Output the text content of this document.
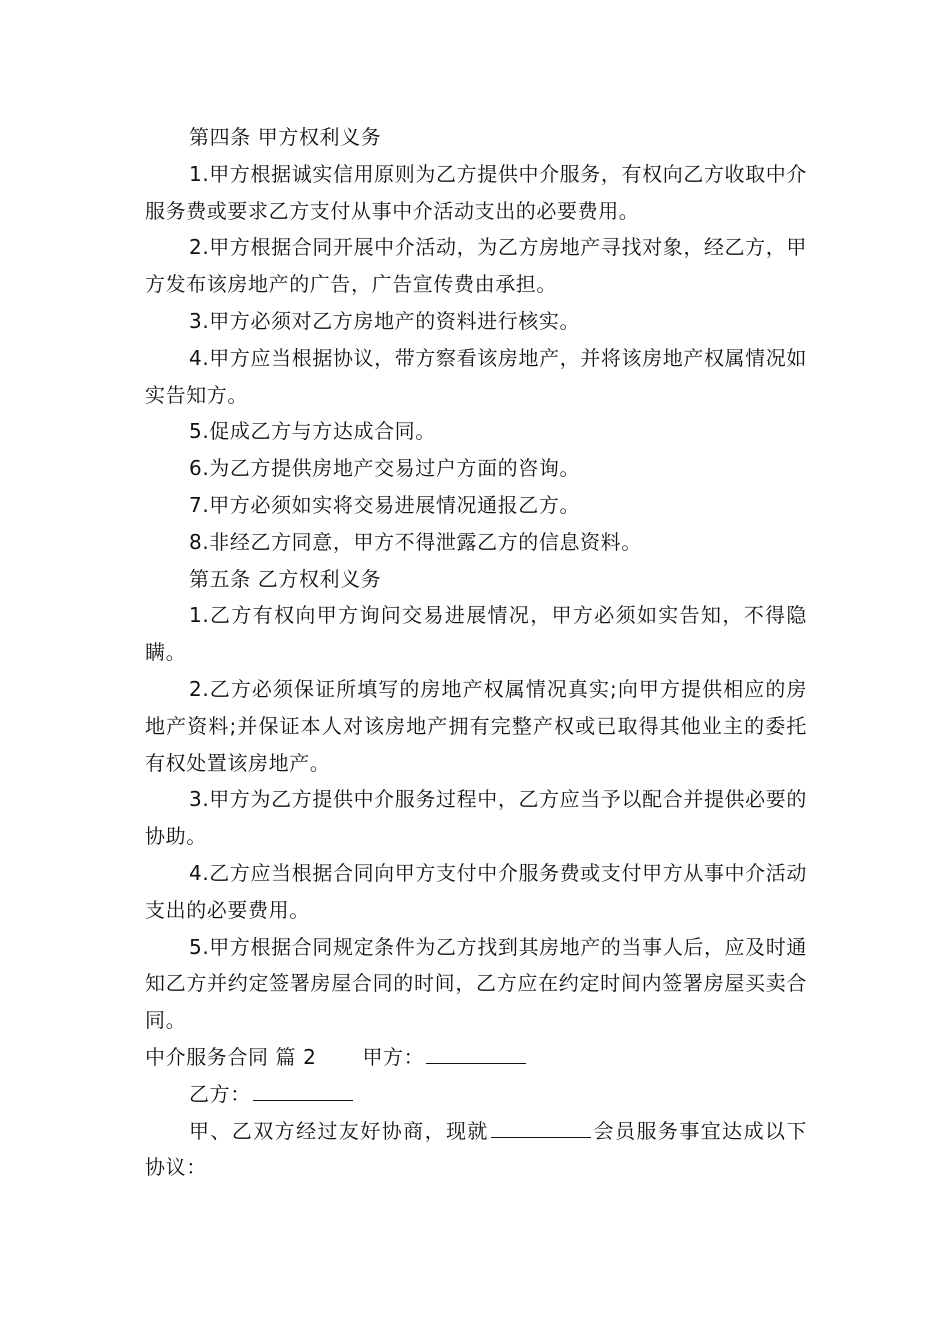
第四条 甲方权利义务

1.甲方根据诚实信用原则为乙方提供中介服务，有权向乙方收取中介服务费或要求乙方支付从事中介活动支出的必要费用。

2.甲方根据合同开展中介活动，为乙方房地产寻找对象，经乙方，甲方发布该房地产的广告，广告宣传费由承担。

3.甲方必须对乙方房地产的资料进行核实。

4.甲方应当根据协议，带方察看该房地产，并将该房地产权属情况如实告知方。

5.促成乙方与方达成合同。

6.为乙方提供房地产交易过户方面的咨询。

7.甲方必须如实将交易进展情况通报乙方。

8.非经乙方同意，甲方不得泄露乙方的信息资料。

第五条 乙方权利义务

1.乙方有权向甲方询问交易进展情况，甲方必须如实告知，不得隐瞒。

2.乙方必须保证所填写的房地产权属情况真实;向甲方提供相应的房地产资料;并保证本人对该房地产拥有完整产权或已取得其他业主的委托有权处置该房地产。

3.甲方为乙方提供中介服务过程中，乙方应当予以配合并提供必要的协助。

4.乙方应当根据合同向甲方支付中介服务费或支付甲方从事中介活动支出的必要费用。

5.甲方根据合同规定条件为乙方找到其房地产的当事人后，应及时通知乙方并约定签署房屋合同的时间，乙方应在约定时间内签署房屋买卖合同。

中介服务合同 篇 2 甲方：

乙方：

甲、乙双方经过友好协商，现就	会员服务事宜达成以下协议：
